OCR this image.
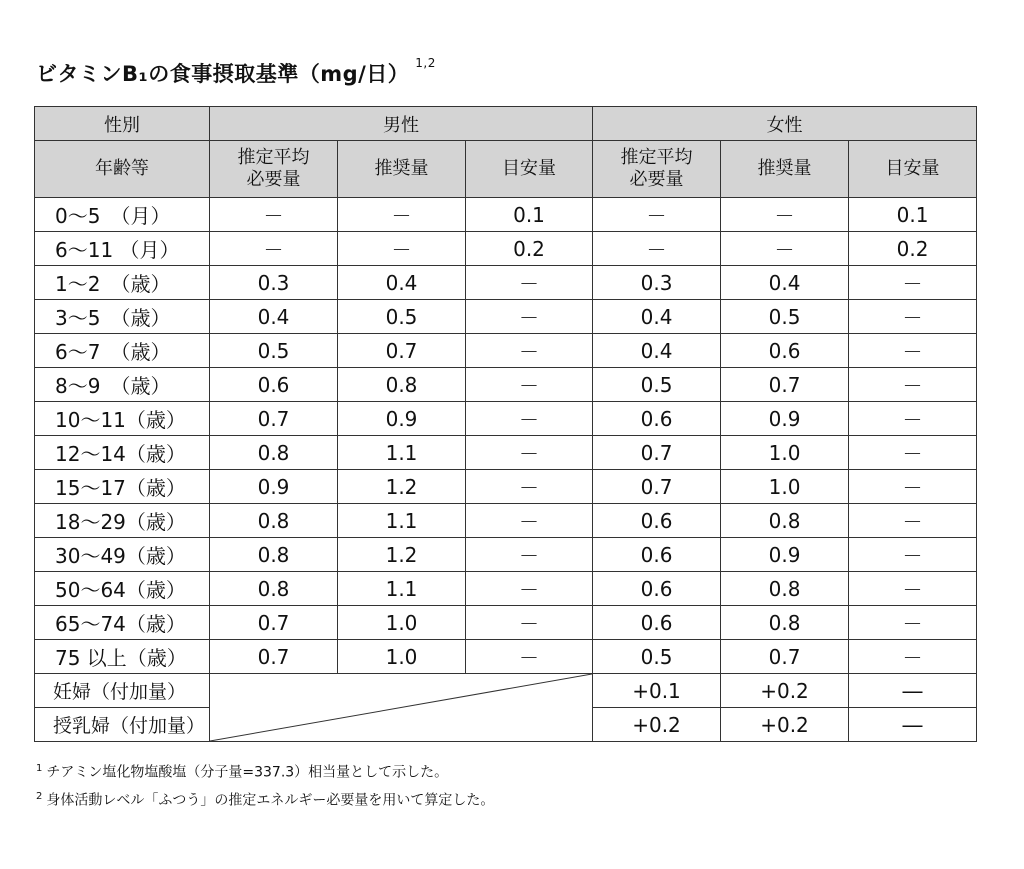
ビタミンB₁の食事摂取基準（mg/日） $^{1,2}$
性別	男性			女性		
年齢等	推定平均必要量	推奨量	目安量	推定平均必要量	推奨量	目安量
0～5　（月）	－	－	0.1	－	－	0.1
6～11 （月）	－	－	0.2	－	－	0.2
1～2　（歳）	0.3	0.4	－	0.3	0.4	－
3～5　（歳）	0.4	0.5	－	0.4	0.5	－
6～7　（歳）	0.5	0.7	－	0.4	0.6	－
8～9　（歳）	0.6	0.8	－	0.5	0.7	－
10～11（歳）	0.7	0.9	－	0.6	0.9	－
12～14（歳）	0.8	1.1	－	0.7	1.0	－
15～17（歳）	0.9	1.2	－	0.7	1.0	－
18～29（歳）	0.8	1.1	－	0.6	0.8	－
30～49（歳）	0.8	1.2	－	0.6	0.9	－
50～64（歳）	0.8	1.1	－	0.6	0.8	－
65～74（歳）	0.7	1.0	－	0.6	0.8	－
75 以上（歳）	0.7	1.0	－	0.5	0.7	－
妊婦（付加量）				+0.1	+0.2	―
授乳婦（付加量）				+0.2	+0.2	―
$^1$ チアミン塩化物塩酸塩（分子量=337.3）相当量として示した。
$^2$ 身体活動レベル「ふつう」の推定エネルギー必要量を用いて算定した。
